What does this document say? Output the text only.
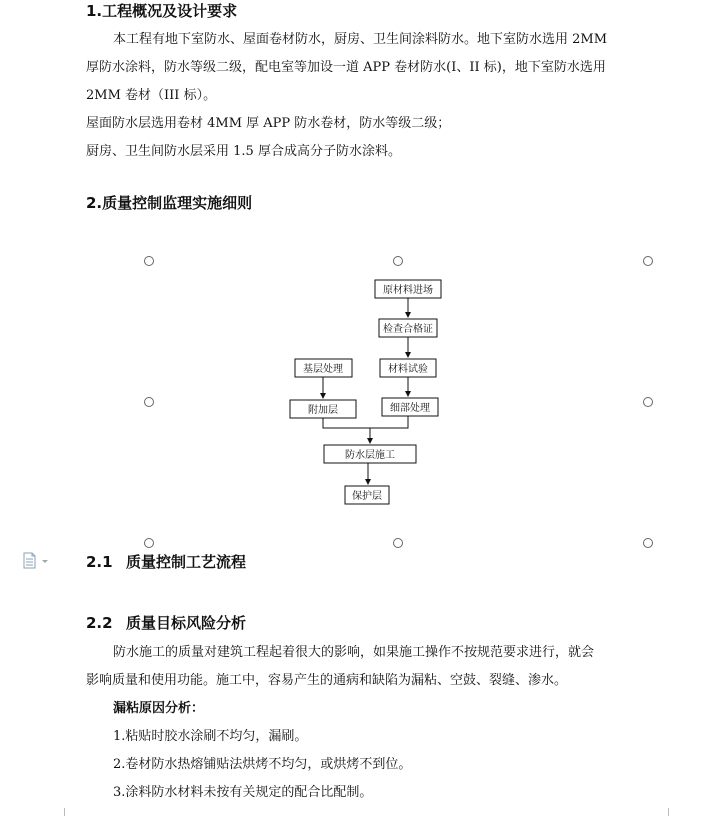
1.工程概况及设计要求
本工程有地下室防水、屋面卷材防水，厨房、卫生间涂料防水。地下室防水选用 2MM
厚防水涂料，防水等级二级，配电室等加设一道 APP 卷材防水(I、II 标)，地下室防水选用
2MM 卷材（III 标）。
屋面防水层选用卷材 4MM 厚 APP 防水卷材，防水等级二级；
厨房、卫生间防水层采用 1.5 厚合成高分子防水涂料。
2.质量控制监理实施细则
原材料进场
检查合格证
基层处理	材料试验
附加层	细部处理
防水层施工
保护层
2.1 质量控制工艺流程
2.2 质量目标风险分析
防水施工的质量对建筑工程起着很大的影响，如果施工操作不按规范要求进行，就会
影响质量和使用功能。施工中，容易产生的通病和缺陷为漏粘、空鼓、裂缝、渗水。
漏粘原因分析：
1.粘贴时胶水涂刷不均匀，漏刷。
2.卷材防水热熔铺贴法烘烤不均匀，或烘烤不到位。
3.涂料防水材料未按有关规定的配合比配制。
